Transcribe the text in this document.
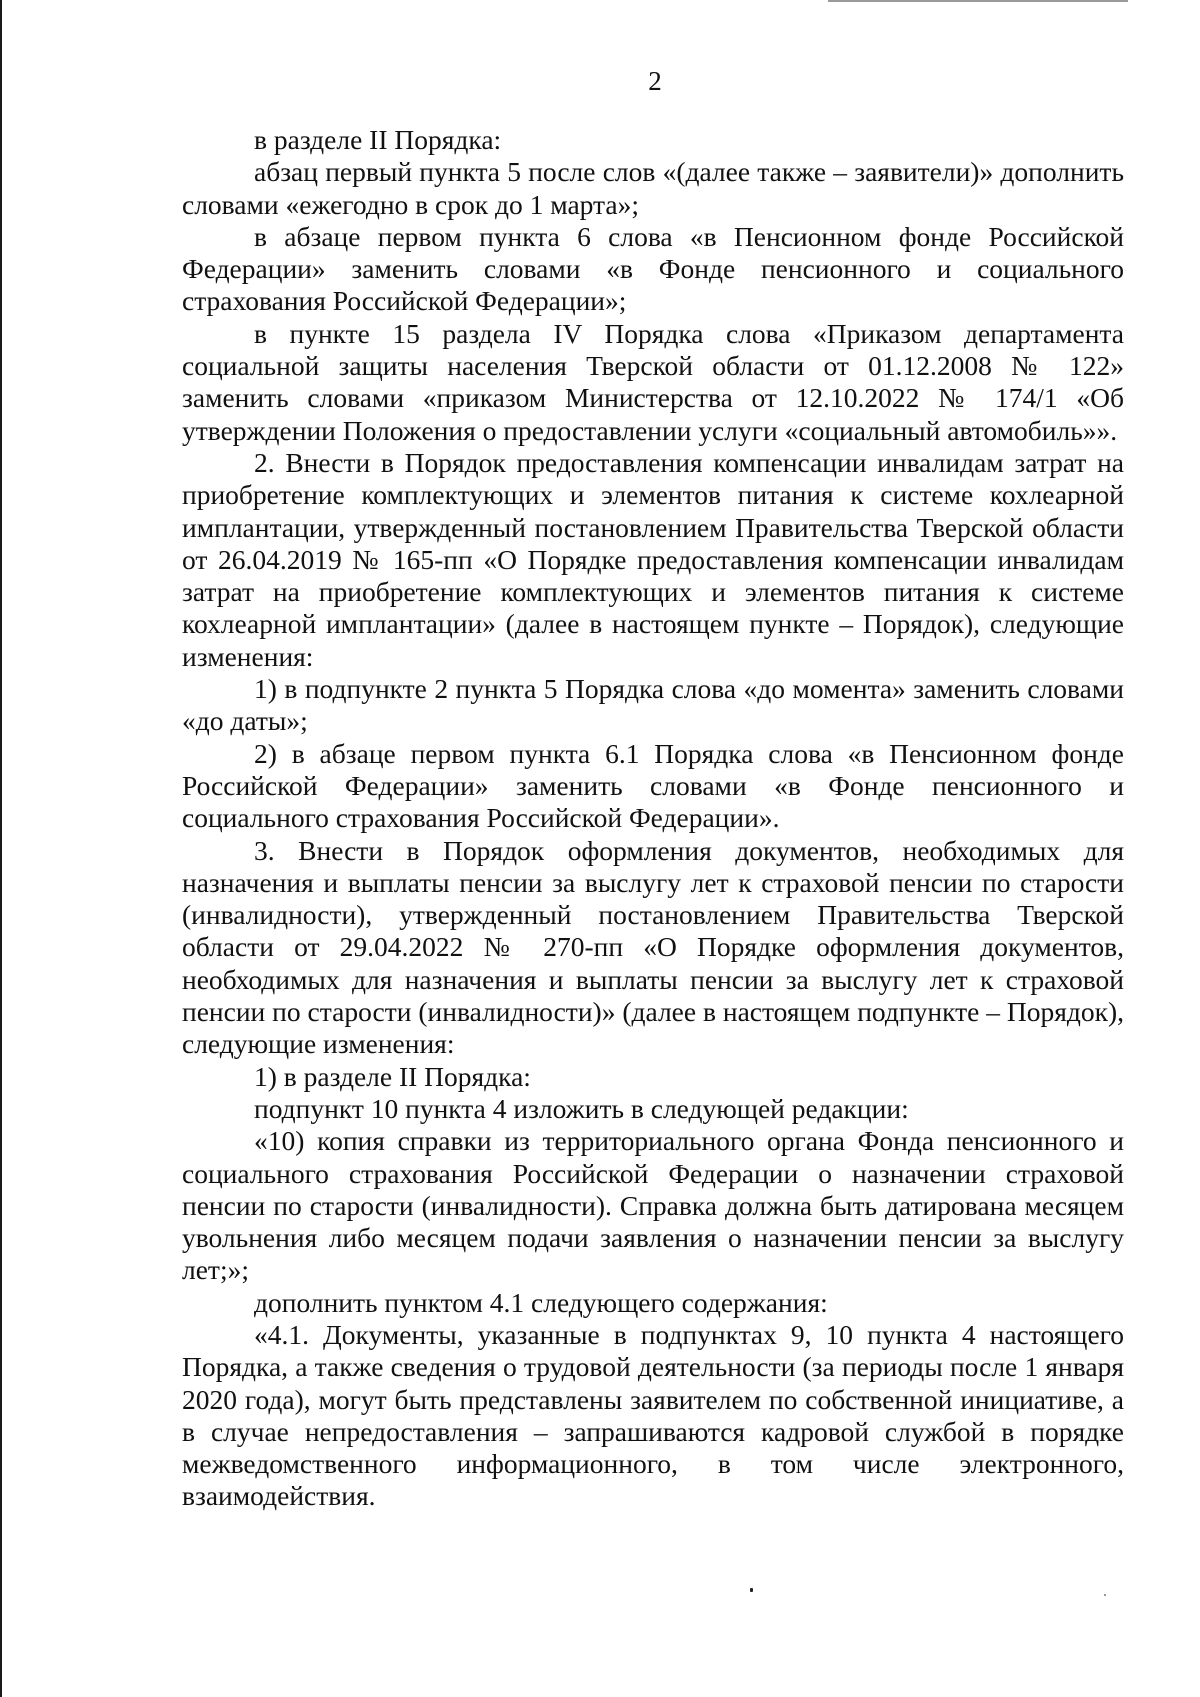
2

в разделе II Порядка:

абзац первый пункта 5 после слов «(далее также – заявители)» дополнить словами «ежегодно в срок до 1 марта»;

в абзаце первом пункта 6 слова «в Пенсионном фонде Российской Федерации» заменить словами «в Фонде пенсионного и социального страхования Российской Федерации»;

в пункте 15 раздела IV Порядка слова «Приказом департамента социальной защиты населения Тверской области от 01.12.2008 № 122» заменить словами «приказом Министерства от 12.10.2022 № 174/1 «Об утверждении Положения о предоставлении услуги «социальный автомобиль»».

2. Внести в Порядок предоставления компенсации инвалидам затрат на приобретение комплектующих и элементов питания к системе кохлеарной имплантации, утвержденный постановлением Правительства Тверской области от 26.04.2019 № 165-пп «О Порядке предоставления компенсации инвалидам затрат на приобретение комплектующих и элементов питания к системе кохлеарной имплантации» (далее в настоящем пункте – Порядок), следующие изменения:

1) в подпункте 2 пункта 5 Порядка слова «до момента» заменить словами «до даты»;

2) в абзаце первом пункта 6.1 Порядка слова «в Пенсионном фонде Российской Федерации» заменить словами «в Фонде пенсионного и социального страхования Российской Федерации».

3. Внести в Порядок оформления документов, необходимых для назначения и выплаты пенсии за выслугу лет к страховой пенсии по старости (инвалидности), утвержденный постановлением Правительства Тверской области от 29.04.2022 № 270-пп «О Порядке оформления документов, необходимых для назначения и выплаты пенсии за выслугу лет к страховой пенсии по старости (инвалидности)» (далее в настоящем подпункте – Порядок), следующие изменения:

1) в разделе II Порядка:

подпункт 10 пункта 4 изложить в следующей редакции:

«10) копия справки из территориального органа Фонда пенсионного и социального страхования Российской Федерации о назначении страховой пенсии по старости (инвалидности). Справка должна быть датирована месяцем увольнения либо месяцем подачи заявления о назначении пенсии за выслугу лет;»;

дополнить пунктом 4.1 следующего содержания:

«4.1. Документы, указанные в подпунктах 9, 10 пункта 4 настоящего Порядка, а также сведения о трудовой деятельности (за периоды после 1 января 2020 года), могут быть представлены заявителем по собственной инициативе, а в случае непредоставления – запрашиваются кадровой службой в порядке межведомственного информационного, в том числе электронного, взаимодействия.
